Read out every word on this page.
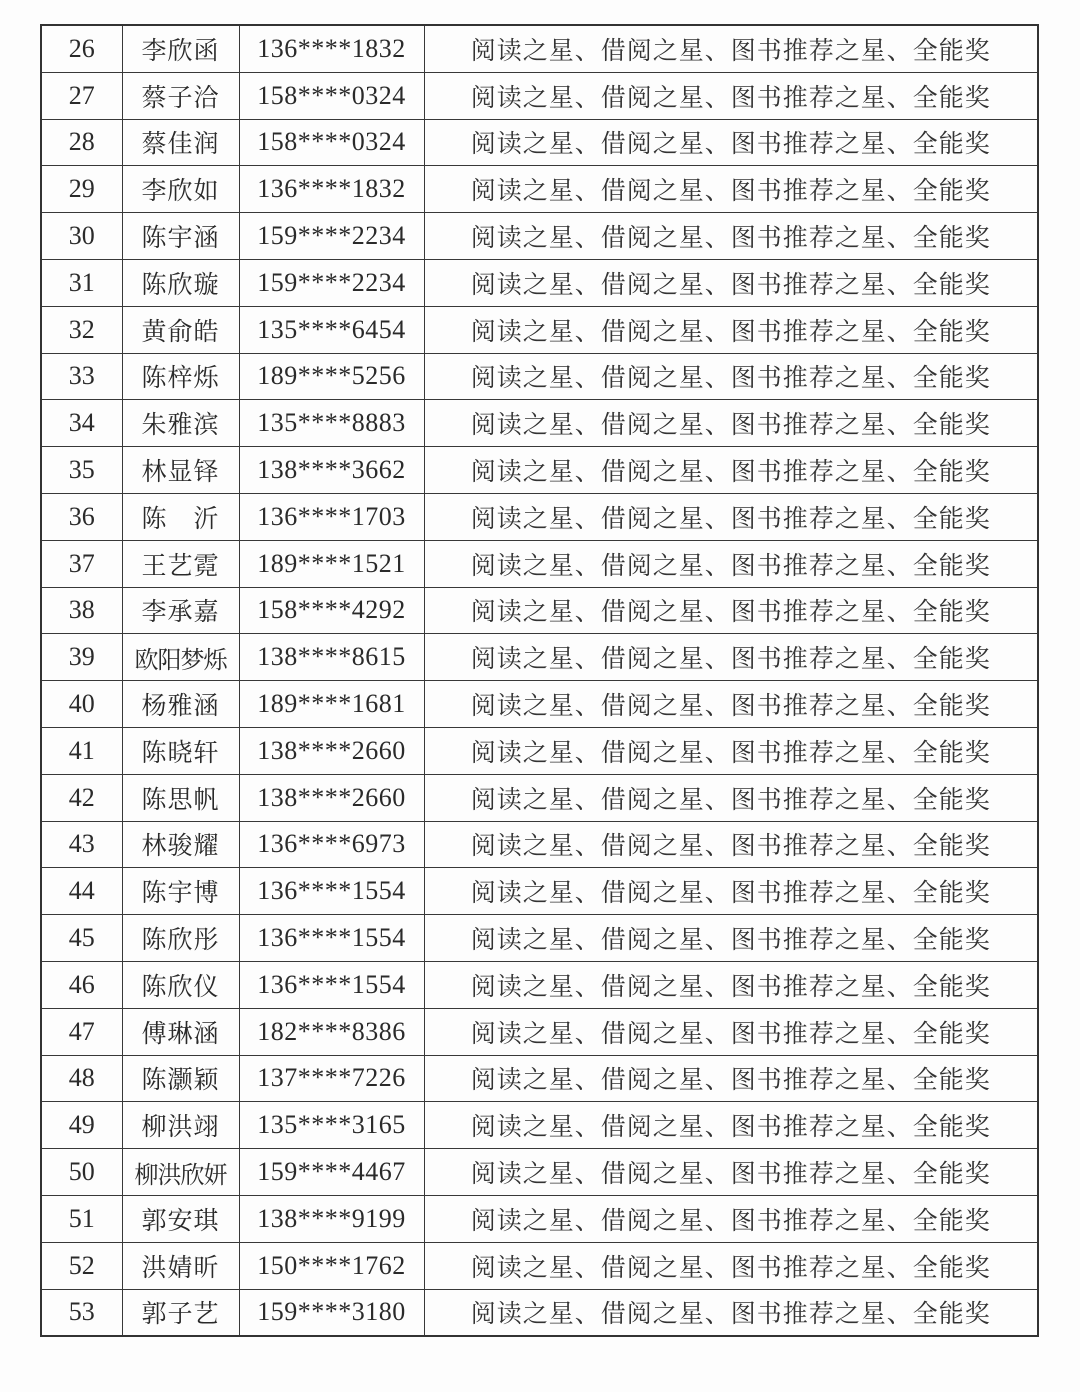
26	李欣函	136****1832	阅读之星、借阅之星、图书推荐之星、全能奖
27	蔡子洽	158****0324	阅读之星、借阅之星、图书推荐之星、全能奖
28	蔡佳润	158****0324	阅读之星、借阅之星、图书推荐之星、全能奖
29	李欣如	136****1832	阅读之星、借阅之星、图书推荐之星、全能奖
30	陈宇涵	159****2234	阅读之星、借阅之星、图书推荐之星、全能奖
31	陈欣璇	159****2234	阅读之星、借阅之星、图书推荐之星、全能奖
32	黄俞皓	135****6454	阅读之星、借阅之星、图书推荐之星、全能奖
33	陈梓烁	189****5256	阅读之星、借阅之星、图书推荐之星、全能奖
34	朱雅滨	135****8883	阅读之星、借阅之星、图书推荐之星、全能奖
35	林显铎	138****3662	阅读之星、借阅之星、图书推荐之星、全能奖
36	陈　沂	136****1703	阅读之星、借阅之星、图书推荐之星、全能奖
37	王艺霓	189****1521	阅读之星、借阅之星、图书推荐之星、全能奖
38	李承嘉	158****4292	阅读之星、借阅之星、图书推荐之星、全能奖
39	欧阳梦烁	138****8615	阅读之星、借阅之星、图书推荐之星、全能奖
40	杨雅涵	189****1681	阅读之星、借阅之星、图书推荐之星、全能奖
41	陈晓轩	138****2660	阅读之星、借阅之星、图书推荐之星、全能奖
42	陈思帆	138****2660	阅读之星、借阅之星、图书推荐之星、全能奖
43	林骏耀	136****6973	阅读之星、借阅之星、图书推荐之星、全能奖
44	陈宇博	136****1554	阅读之星、借阅之星、图书推荐之星、全能奖
45	陈欣彤	136****1554	阅读之星、借阅之星、图书推荐之星、全能奖
46	陈欣仪	136****1554	阅读之星、借阅之星、图书推荐之星、全能奖
47	傅琳涵	182****8386	阅读之星、借阅之星、图书推荐之星、全能奖
48	陈灏颖	137****7226	阅读之星、借阅之星、图书推荐之星、全能奖
49	柳洪翊	135****3165	阅读之星、借阅之星、图书推荐之星、全能奖
50	柳洪欣妍	159****4467	阅读之星、借阅之星、图书推荐之星、全能奖
51	郭安琪	138****9199	阅读之星、借阅之星、图书推荐之星、全能奖
52	洪婧昕	150****1762	阅读之星、借阅之星、图书推荐之星、全能奖
53	郭子艺	159****3180	阅读之星、借阅之星、图书推荐之星、全能奖
